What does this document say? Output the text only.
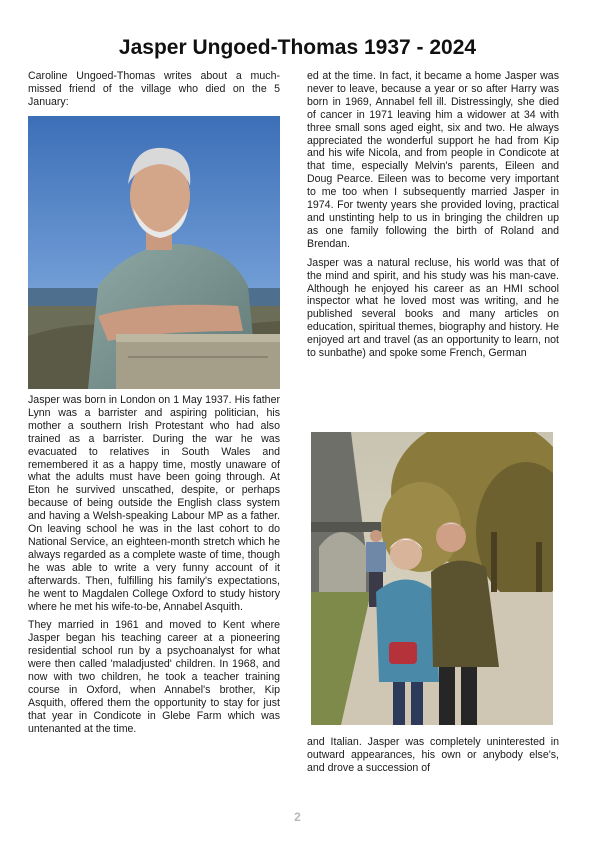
Jasper Ungoed-Thomas 1937 - 2024

Caroline Ungoed-Thomas writes about a much-missed friend of the village who died on the 5 January:

Jasper was born in London on 1 May 1937. His father Lynn was a barrister and aspiring politician, his mother a southern Irish Protestant who had also trained as a barrister. During the war he was evacuated to relatives in South Wales and remembered it as a happy time, mostly unaware of what the adults must have been going through. At Eton he survived unscathed, despite, or perhaps because of being outside the English class system and having a Welsh-speaking Labour MP as a father. On leaving school he was in the last cohort to do National Service, an eighteen-month stretch which he always regarded as a complete waste of time, though he was able to write a very funny account of it afterwards. Then, fulfilling his family's expectations, he went to Magdalen College Oxford to study history where he met his wife-to-be, Annabel Asquith.

They married in 1961 and moved to Kent where Jasper began his teaching career at a pioneering residential school run by a psychoanalyst for what were then called 'maladjusted' children. In 1968, and now with two children, he took a teacher training course in Oxford, when Annabel's brother, Kip Asquith, offered them the opportunity to stay for just that year in Condicote in Glebe Farm which was untenanted at the time.

ed at the time. In fact, it became a home Jasper was never to leave, because a year or so after Harry was born in 1969, Annabel fell ill. Distressingly, she died of cancer in 1971 leaving him a widower at 34 with three small sons aged eight, six and two. He always appreciated the wonderful support he had from Kip and his wife Nicola, and from people in Condicote at that time, especially Melvin's parents, Eileen and Doug Pearce. Eileen was to become very important to me too when I subsequently married Jasper in 1974. For twenty years she provided loving, practical and unstinting help to us in bringing the children up as one family following the birth of Roland and Brendan.

Jasper was a natural recluse, his world was that of the mind and spirit, and his study was his man-cave. Although he enjoyed his career as an HMI school inspector what he loved most was writing, and he published several books and many articles on education, spiritual themes, biography and history. He enjoyed art and travel (as an opportunity to learn, not to sunbathe) and spoke some French, German

and Italian. Jasper was completely uninterested in outward appearances, his own or anybody else's, and drove a succession of

2
